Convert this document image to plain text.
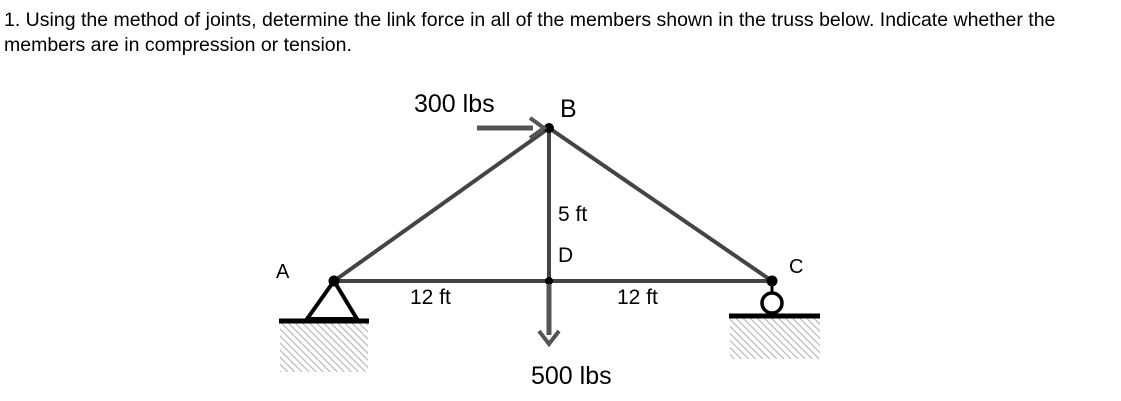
1. Using the method of joints, determine the link force in all of the members shown in the truss below. Indicate whether the members are in compression or tension.

300 lbs	B
5 ft
D
A	C
12 ft	12 ft
500 lbs
